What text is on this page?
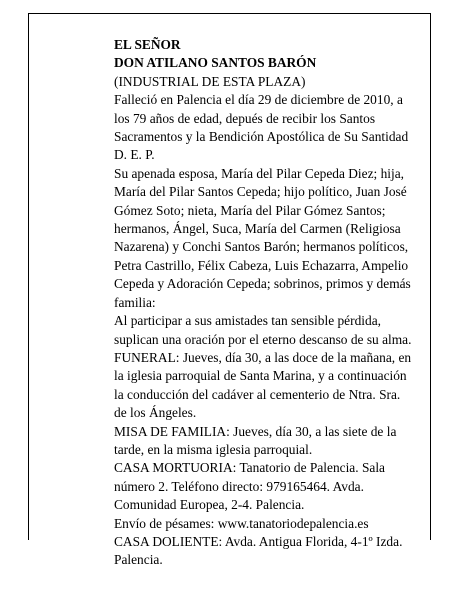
EL SEÑOR
DON ATILANO SANTOS BARÓN
(INDUSTRIAL DE ESTA PLAZA)
Falleció en Palencia el día 29 de diciembre de 2010, a
los 79 años de edad, depués de recibir los Santos
Sacramentos y la Bendición Apostólica de Su Santidad
D. E. P.
Su apenada esposa, María del Pilar Cepeda Diez; hija,
María del Pilar Santos Cepeda; hijo político, Juan José
Gómez Soto; nieta, María del Pilar Gómez Santos;
hermanos, Ángel, Suca, María del Carmen (Religiosa
Nazarena) y Conchi Santos Barón; hermanos políticos,
Petra Castrillo, Félix Cabeza, Luis Echazarra, Ampelio
Cepeda y Adoración Cepeda; sobrinos, primos y demás
familia:
Al participar a sus amistades tan sensible pérdida,
suplican una oración por el eterno descanso de su alma.
FUNERAL: Jueves, día 30, a las doce de la mañana, en
la iglesia parroquial de Santa Marina, y a continuación
la conducción del cadáver al cementerio de Ntra. Sra.
de los Ángeles.
MISA DE FAMILIA: Jueves, día 30, a las siete de la
tarde, en la misma iglesia parroquial.
CASA MORTUORIA: Tanatorio de Palencia. Sala
número 2. Teléfono directo: 979165464. Avda.
Comunidad Europea, 2-4. Palencia.
Envío de pésames: www.tanatoriodepalencia.es
CASA DOLIENTE: Avda. Antigua Florida, 4-1º Izda.
Palencia.
